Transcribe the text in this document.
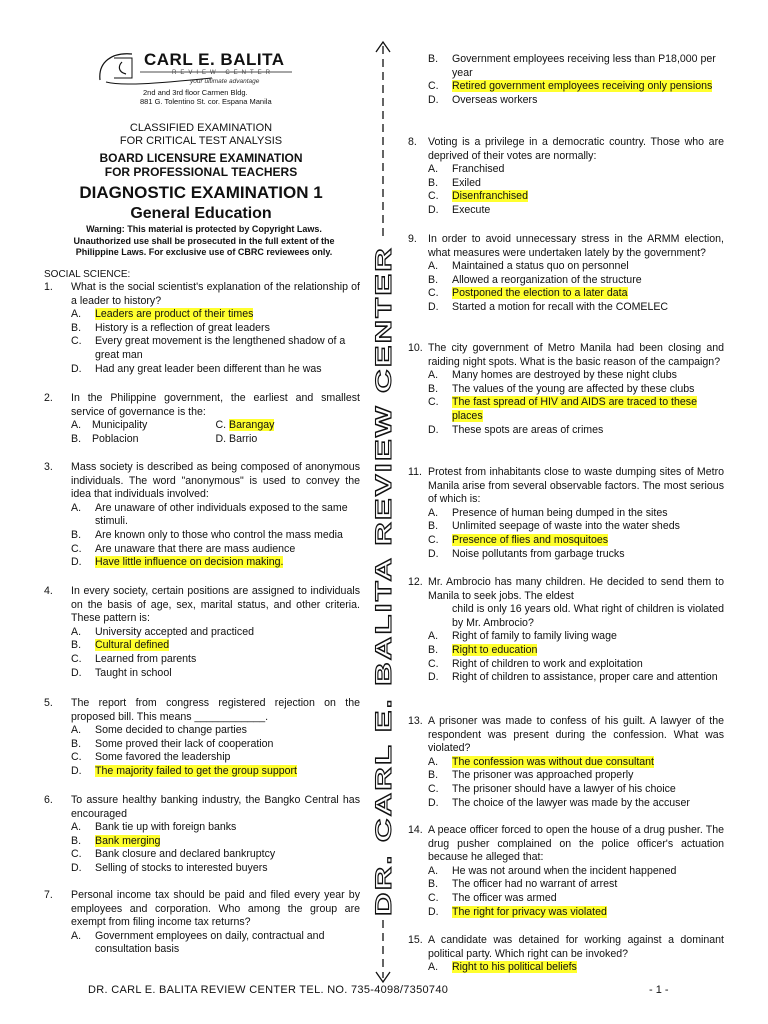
CARL E. BALITA
REVIEW CENTER
your ultimate advantage
2nd and 3rd floor Carmen Bldg.
881 G. Tolentino St. cor. Espana Manila
CLASSIFIED EXAMINATION
FOR CRITICAL TEST ANALYSIS
BOARD LICENSURE EXAMINATION
FOR PROFESSIONAL TEACHERS
DIAGNOSTIC EXAMINATION 1
General Education
Warning: This material is protected by Copyright Laws. Unauthorized use shall be prosecuted in the full extent of the Philippine Laws. For exclusive use of CBRC reviewees only.
SOCIAL SCIENCE:
1.	What is the social scientist's explanation of the relationship of a leader to history?
A.	Leaders are product of their times
B.	History is a reflection of great leaders
C.	Every great movement is the lengthened shadow of a great man
D.	Had any great leader been different than he was
2.	In the Philippine government, the earliest and smallest service of governance is the:
A. Municipality	C. Barangay
B. Poblacion	D. Barrio
3.	Mass society is described as being composed of anonymous individuals. The word "anonymous" is used to convey the idea that individuals involved:
A.	Are unaware of other individuals exposed to the same stimuli.
B.	Are known only to those who control the mass media
C.	Are unaware that there are mass audience
D.	Have little influence on decision making.
4.	In every society, certain positions are assigned to individuals on the basis of age, sex, marital status, and other criteria. These pattern is:
A.	University accepted and practiced
B.	Cultural defined
C.	Learned from parents
D.	Taught in school
5.	The report from congress registered rejection on the proposed bill. This means ____________.
A.	Some decided to change parties
B.	Some proved their lack of cooperation
C.	Some favored the leadership
D.	The majority failed to get the group support
6.	To assure healthy banking industry, the Bangko Central has encouraged
A.	Bank tie up with foreign banks
B.	Bank merging
C.	Bank closure and declared bankruptcy
D.	Selling of stocks to interested buyers
7.	Personal income tax should be paid and filed every year by employees and corporation. Who among the group are exempt from filing income tax returns?
A.	Government employees on daily, contractual and consultation basis
DR. CARL E. BALITA REVIEW CENTER
B.	Government employees receiving less than P18,000 per year
C.	Retired government employees receiving only pensions
D.	Overseas workers
8.	Voting is a privilege in a democratic country. Those who are deprived of their votes are normally:
A.	Franchised
B.	Exiled
C.	Disenfranchised
D.	Execute
9.	In order to avoid unnecessary stress in the ARMM election, what measures were undertaken lately by the government?
A.	Maintained a status quo on personnel
B.	Allowed a reorganization of the structure
C.	Postponed the election to a later data
D.	Started a motion for recall with the COMELEC
10. The city government of Metro Manila had been closing and raiding night spots. What is the basic reason of the campaign?
A.	Many homes are destroyed by these night clubs
B.	The values of the young are affected by these clubs
C.	The fast spread of HIV and AIDS are traced to these places
D.	These spots are areas of crimes
11. Protest from inhabitants close to waste dumping sites of Metro Manila arise from several observable factors. The most serious of which is:
A.	Presence of human being dumped in the sites
B.	Unlimited seepage of waste into the water sheds
C.	Presence of flies and mosquitoes
D.	Noise pollutants from garbage trucks
12. Mr. Ambrocio has many children. He decided to send them to Manila to seek jobs. The eldest
child is only 16 years old. What right of children is violated by Mr. Ambrocio?
A.	Right of family to family living wage
B.	Right to education
C.	Right of children to work and exploitation
D.	Right of children to assistance, proper care and attention
13. A prisoner was made to confess of his guilt. A lawyer of the respondent was present during the confession. What was violated?
A.	The confession was without due consultant
B.	The prisoner was approached properly
C.	The prisoner should have a lawyer of his choice
D.	The choice of the lawyer was made by the accuser
14. A peace officer forced to open the house of a drug pusher. The drug pusher complained on the police officer's actuation because he alleged that:
A.	He was not around when the incident happened
B.	The officer had no warrant of arrest
C.	The officer was armed
D.	The right for privacy was violated
15. A candidate was detained for working against a dominant political party. Which right can be invoked?
A.	Right to his political beliefs
DR. CARL E. BALITA REVIEW CENTER TEL. NO. 735-4098/7350740	- 1 -
